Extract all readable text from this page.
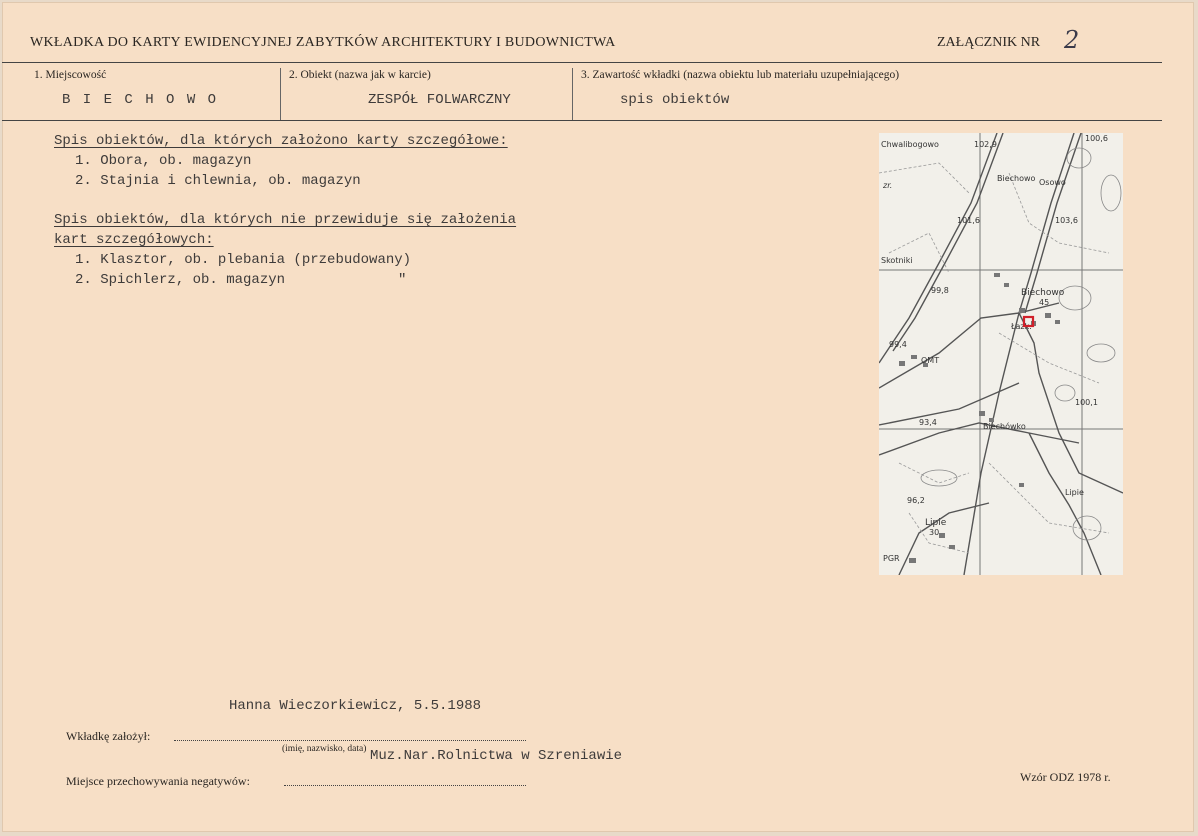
WKŁADKA DO KARTY EWIDENCYJNEJ ZABYTKÓW ARCHITEKTURY I BUDOWNICTWA	ZAŁĄCZNIK NR 2
1. Miejscowość
B I E C H O W O
2. Obiekt (nazwa jak w karcie)
ZESPÓŁ FOLWARCZNY
3. Zawartość wkładki (nazwa obiektu lub materiału uzupełniającego)
spis obiektów
Spis obiektów, dla których założono karty szczegółowe:
1. Obora, ob. magazyn
2. Stajnia i chlewnia, ob. magazyn
Spis obiektów, dla których nie przewiduje się założenia
kart szczegółowych:
1. Klasztor, ob. plebania (przebudowany)
2. Spichlerz, ob. magazyn	"
Chwalibogowo	102,9
100,6
Biechowo Osowo
103,6
101,6
Skotniki
99,8	Biechowo
45
Łazk.
99,4
OMT
100,1
93,4	Biechówko
Lipie
96,2
Lipie
30
PGR
zr.
Hanna Wieczorkiewicz, 5.5.1988
Wkładkę założył:
(imię, nazwisko, data) Muz.Nar.Rolnictwa w Szreniawie
Miejsce przechowywania negatywów:	Wzór ODZ 1978 r.
